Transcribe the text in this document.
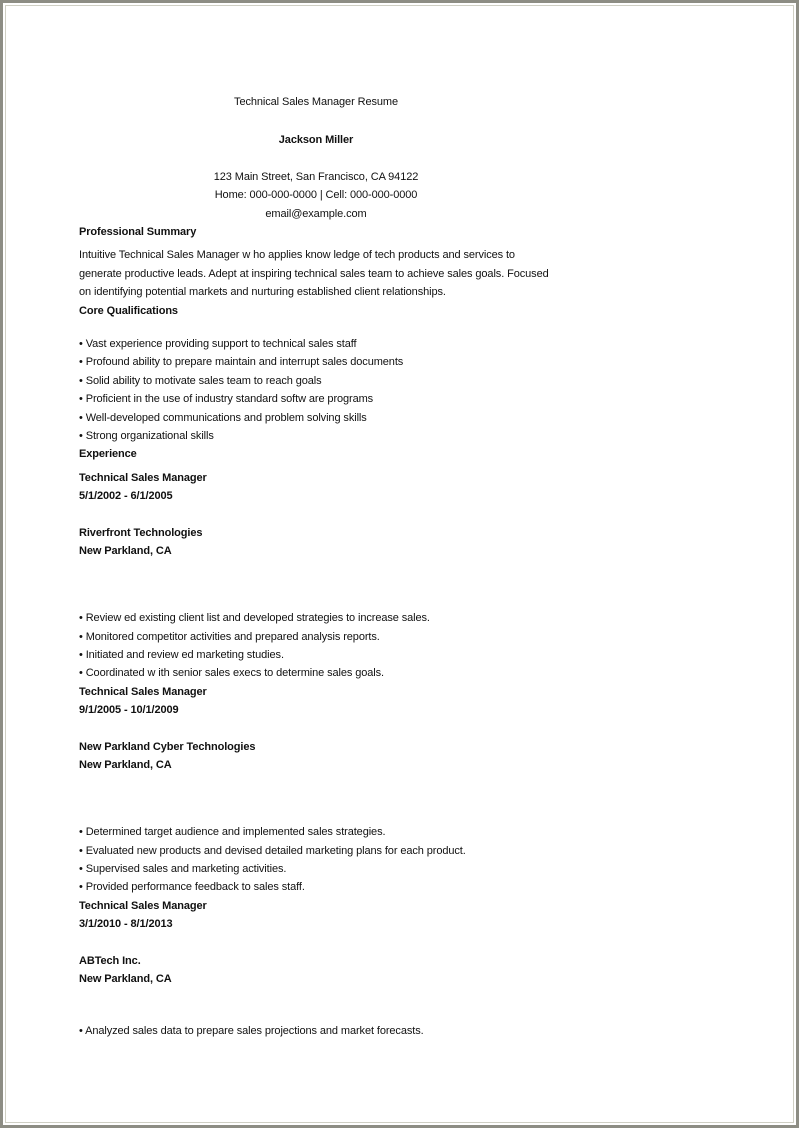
Technical Sales Manager Resume
Jackson Miller
123 Main Street, San Francisco, CA 94122
Home: 000-000-0000 | Cell: 000-000-0000
email@example.com
Professional Summary
Intuitive Technical Sales Manager w ho applies know ledge of tech products and services to
generate productive leads. Adept at inspiring technical sales team to achieve sales goals. Focused
on identifying potential markets and nurturing established client relationships.
Core Qualifications
• Vast experience providing support to technical sales staff
• Profound ability to prepare maintain and interrupt sales documents
• Solid ability to motivate sales team to reach goals
• Proficient in the use of industry standard softw are programs
• Well-developed communications and problem solving skills
• Strong organizational skills
Experience
Technical Sales Manager
5/1/2002 - 6/1/2005
Riverfront Technologies
New Parkland, CA
• Review ed existing client list and developed strategies to increase sales.
• Monitored competitor activities and prepared analysis reports.
• Initiated and review ed marketing studies.
• Coordinated w ith senior sales execs to determine sales goals.
Technical Sales Manager
9/1/2005 - 10/1/2009
New Parkland Cyber Technologies
New Parkland, CA
• Determined target audience and implemented sales strategies.
• Evaluated new products and devised detailed marketing plans for each product.
• Supervised sales and marketing activities.
• Provided performance feedback to sales staff.
Technical Sales Manager
3/1/2010 - 8/1/2013
ABTech Inc.
New Parkland, CA
• Analyzed sales data to prepare sales projections and market forecasts.
